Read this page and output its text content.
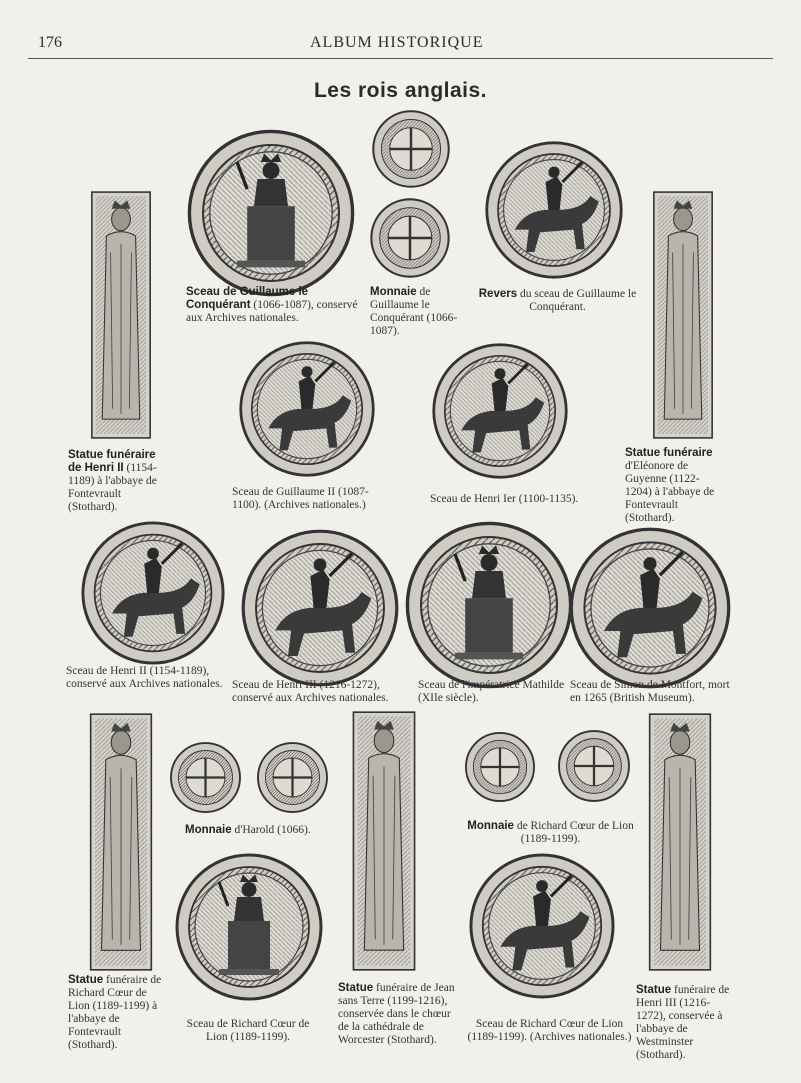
176	ALBUM HISTORIQUE
Les rois anglais.
Sceau de Guillaume le Conquérant (1066-1087), conservé aux Archives nationales.
Monnaie de Guillaume le Conquérant (1066-1087).
Revers du sceau de Guillaume le Conquérant.
Statue funéraire de Henri II (1154-1189) à l'abbaye de Fontevrault (Stothard).
Sceau de Guillaume II (1087-1100). (Archives nationales.)	Sceau de Henri Ier (1100-1135).
Statue funéraire d'Eléonore de Guyenne (1122-1204) à l'abbaye de Fontevrault (Stothard).
Sceau de Henri II (1154-1189), conservé aux Archives nationales. Sceau de Henri III (1216-1272), conservé aux Archives nationales.
Sceau de l'impératrice Mathilde (XIIe siècle).
Sceau de Simon de Montfort, mort en 1265 (British Museum).
Monnaie d'Harold (1066).	Monnaie de Richard Cœur de Lion (1189-1199).
Statue funéraire de Richard Cœur de Lion (1189-1199) à l'abbaye de Fontevrault (Stothard).
Sceau de Richard Cœur de Lion (1189-1199).
Statue funéraire de Jean sans Terre (1199-1216), conservée dans le chœur de la cathédrale de Worcester (Stothard).
Sceau de Richard Cœur de Lion (1189-1199). (Archives nationales.)
Statue funéraire de Henri III (1216-1272), conservée à l'abbaye de Westminster (Stothard).
